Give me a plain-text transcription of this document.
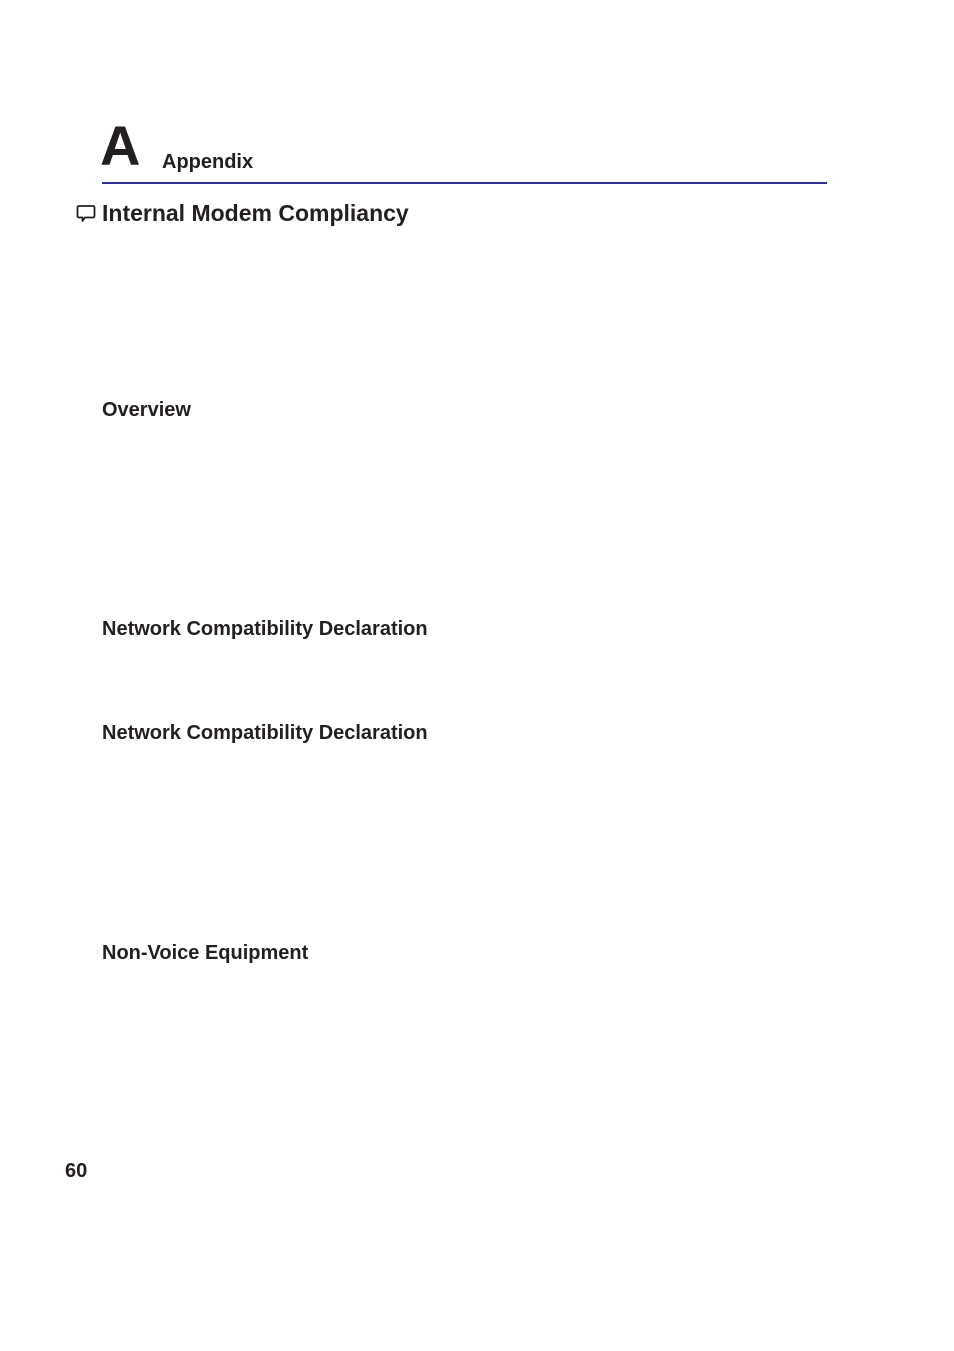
A Appendix
Internal Modem Compliancy
Overview
Network Compatibility Declaration
Network Compatibility Declaration
Non-Voice Equipment
60
